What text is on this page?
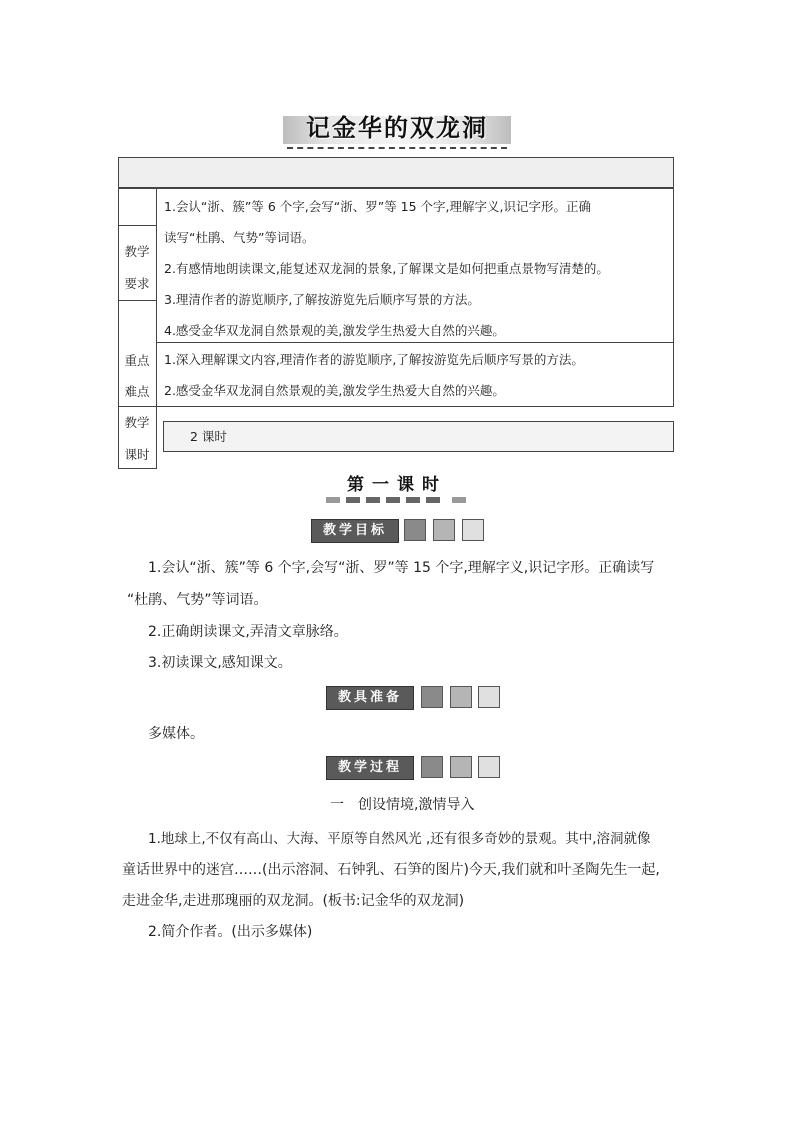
记金华的双龙洞
教学
要求
重点
难点
教学
课时
1.会认“浙、簇”等 6 个字,会写“浙、罗”等 15 个字,理解字义,识记字形。正确
读写“杜鹃、气势”等词语。
2.有感情地朗读课文,能复述双龙洞的景象,了解课文是如何把重点景物写清楚的。
3.理清作者的游览顺序,了解按游览先后顺序写景的方法。
4.感受金华双龙洞自然景观的美,激发学生热爱大自然的兴趣。
1.深入理解课文内容,理清作者的游览顺序,了解按游览先后顺序写景的方法。
2.感受金华双龙洞自然景观的美,激发学生热爱大自然的兴趣。
2 课时
第一课时
教学目标
1.会认“浙、簇”等 6 个字,会写“浙、罗”等 15 个字,理解字义,识记字形。正确读写
“杜鹃、气势”等词语。
2.正确朗读课文,弄清文章脉络。
3.初读课文,感知课文。
教具准备
多媒体。
教学过程
一　创设情境,激情导入
1.地球上,不仅有高山、大海、平原等自然风光 ,还有很多奇妙的景观。其中,溶洞就像
童话世界中的迷宫……(出示溶洞、石钟乳、石笋的图片)今天,我们就和叶圣陶先生一起,
走进金华,走进那瑰丽的双龙洞。(板书:记金华的双龙洞)
2.简介作者。(出示多媒体)
